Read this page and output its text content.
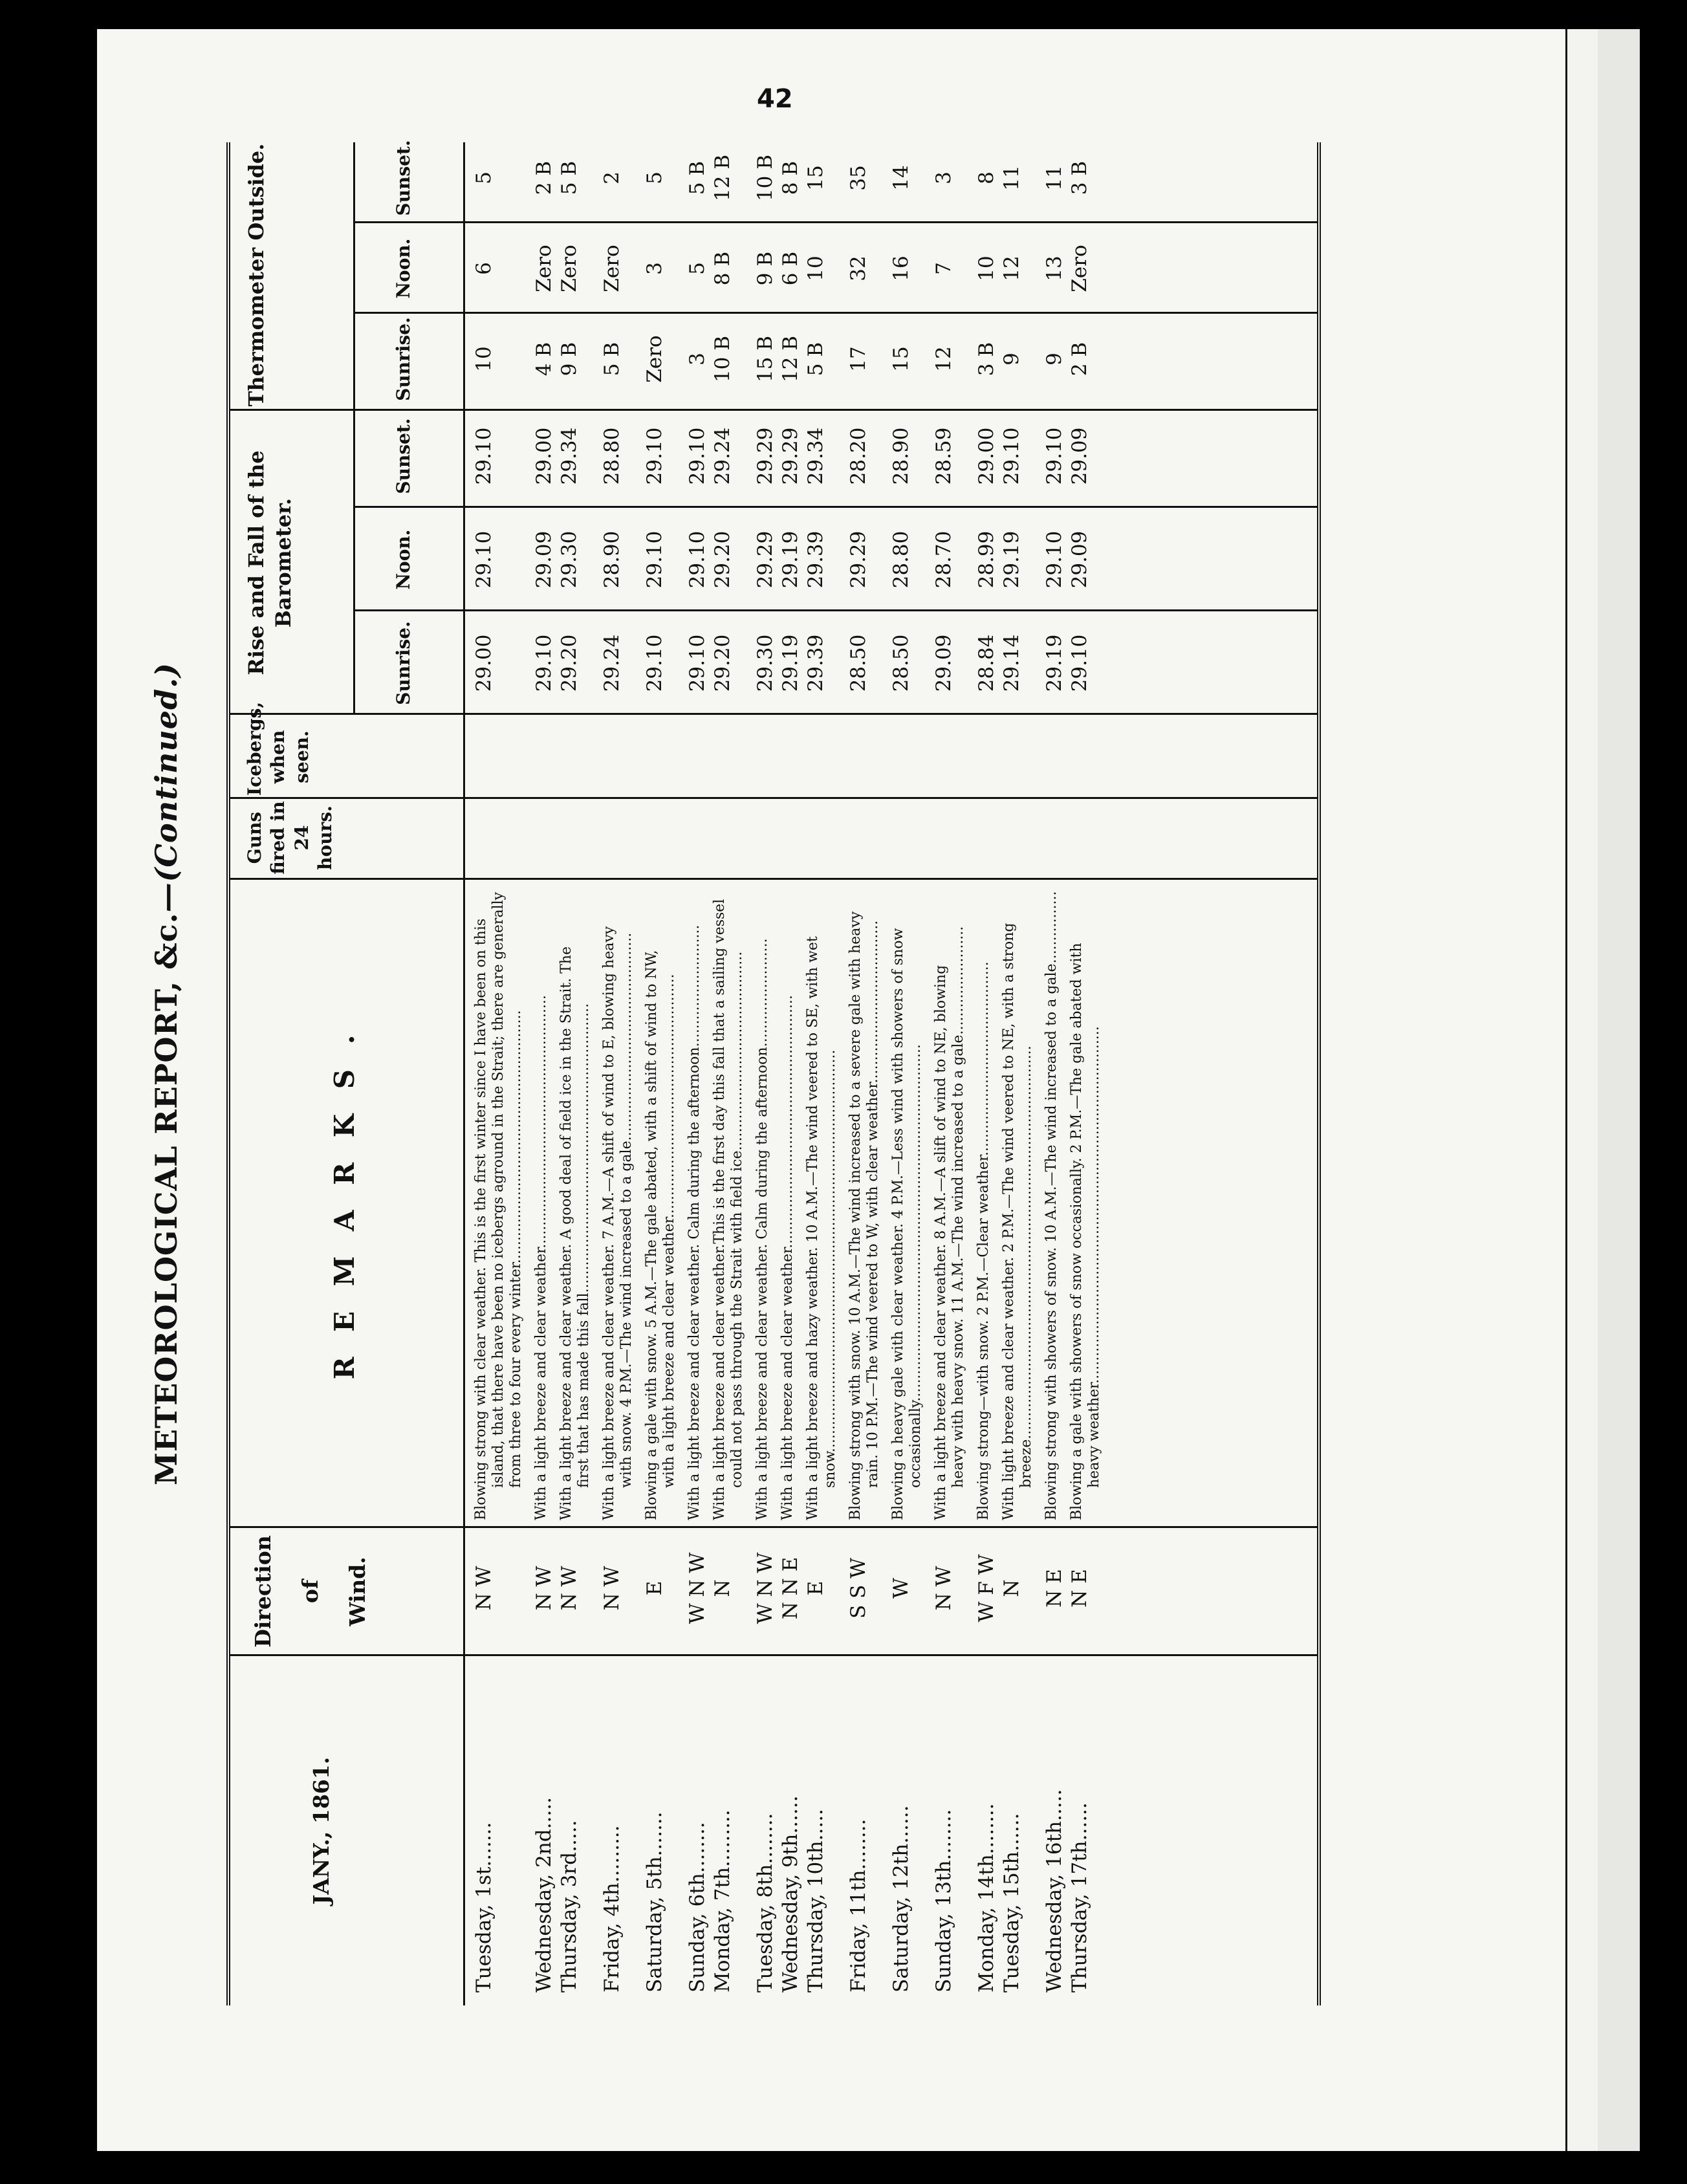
42
METEOROLOGICAL REPORT, &c.—(Continued.)
JANY., 1861.
Direction of Wind.
R E M A R K S .
Guns fired in 24 hours.
Icebergs, when seen.
Rise and Fall of the Barometer.
Thermometer Outside.
Sunrise.
Noon.
Sunset.
Sunrise.
Noon.
Sunset.
Tuesday, 1st.......
N W
Blowing strong with clear weather. This is the first winter since I have been on this island, that there have been no icebergs aground in the Strait; there are generally from three to four every winter........................................................
29.00
29.10
29.10
10
6
5
Wednesday, 2nd.....
N W
With a light breeze and clear weather........................................................
29.10
29.09
29.00
4 B
Zero
2 B
Thursday, 3rd.....
N W
With a light breeze and clear weather. A good deal of field ice in the Strait. The first that has made this fall................................................................
29.20
29.30
29.34
9 B
Zero
5 B
Friday, 4th.........
N W
With a light breeze and clear weather. 7 A.M.—A shift of wind to E, blowing heavy with snow. 4 P.M.—The wind increased to a gale..............................................
29.24
28.90
28.80
5 B
Zero
2
Saturday, 5th.......
E
Blowing a gale with snow. 5 A.M.—The gale abated, with a shift of wind to NW, with a light breeze and clear weather......................................................
29.10
29.10
29.10
Zero
3
5
Sunday, 6th........
W N W
With a light breeze and clear weather. Calm during the afternoon...........................
29.10
29.10
29.10
3
5
5 B
Monday, 7th.........
N
With a light breeze and clear weather.This is the first day this fall that a sailing vessel could not pass through the Strait with field ice............................................
29.20
29.20
29.24
10 B
8 B
12 B
Tuesday, 8th........
W N W
With a light breeze and clear weather. Calm during the afternoon........................
29.30
29.29
29.29
15 B
9 B
10 B
Wednesday, 9th......
N N E
With a light breeze and clear weather........................................................
29.19
29.19
29.29
12 B
6 B
8 B
Thursday, 10th.....
E
With a light breeze and hazy weather. 10 A.M.—The wind veered to SE, with wet snow.........................................................................................
29.39
29.39
29.34
5 B
10
15
Friday, 11th........
S S W
Blowing strong with snow. 10 A.M.—The wind increased to a severe gale with heavy rain. 10 P.M.—The wind veered to W, with clear weather....................................
28.50
29.29
28.20
17
32
35
Saturday, 12th......
W
Blowing a heavy gale with clear weather. 4 P.M.—Less wind with showers of snow occasionally...............................................................................
28.50
28.80
28.90
15
16
14
Sunday, 13th........
N W
With a light breeze and clear weather. 8 A.M.—A slift of wind to NE, blowing heavy with heavy snow. 11 A.M.—The wind increased to a gale........................
29.09
28.70
28.59
12
7
3
Monday, 14th........
W F W
Blowing strong—with snow. 2 P.M.—Clear weather...........................................
28.84
28.99
29.00
3 B
10
8
Tuesday, 15th......
N
With light breeze and clear weather. 2 P.M.—The wind veered to NE, with a strong breeze.......................................................................................
29.14
29.19
29.10
9
12
11
Wednesday, 16th.....
N E
Blowing strong with showers of snow. 10 A.M.—The wind increased to a gale................
29.19
29.10
29.10
9
13
11
Thursday, 17th......
N E
Blowing a gale with showers of snow occasionally. 2 P.M.—The gale abated with heavy weather...............................................................................
29.10
29.09
29.09
2 B
Zero
3 B
